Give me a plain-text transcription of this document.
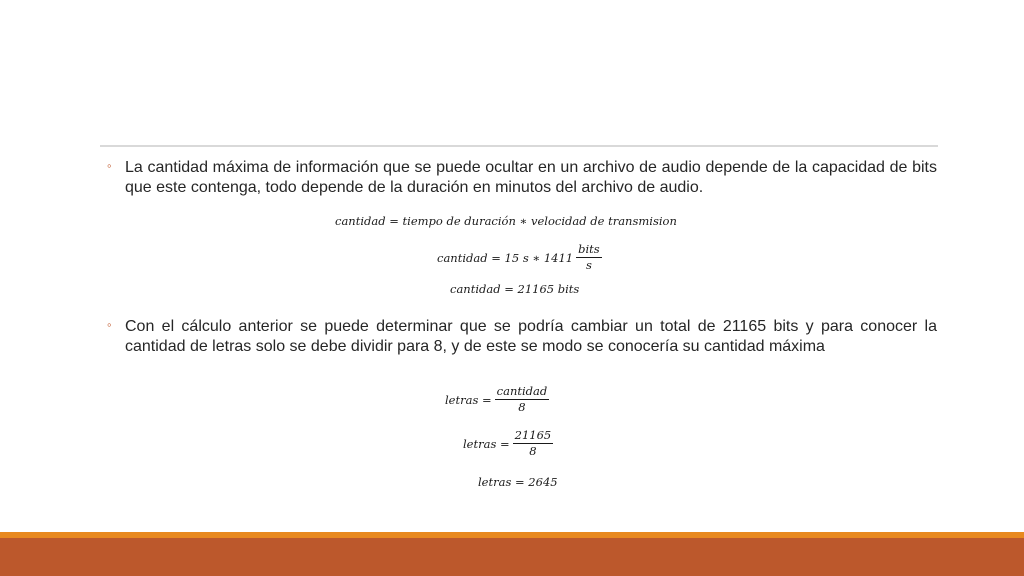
◦ La cantidad máxima de información que se puede ocultar en un archivo de audio depende de la capacidad de bits que este contenga, todo depende de la duración en minutos del archivo de audio.
cantidad = tiempo de duración ∗ velocidad de transmision
cantidad = 15 s ∗ $1411 \frac{\text{bits}}{s}$
cantidad = 21165 bits
◦ Con el cálculo anterior se puede determinar que se podría cambiar un total de 21165 bits y para conocer la cantidad de letras solo se debe dividir para 8, y de este se modo se conocería su cantidad máxima
letras = $\frac{\text{cantidad}}{8}$
letras = $\frac{21165}{8}$
letras = 2645
